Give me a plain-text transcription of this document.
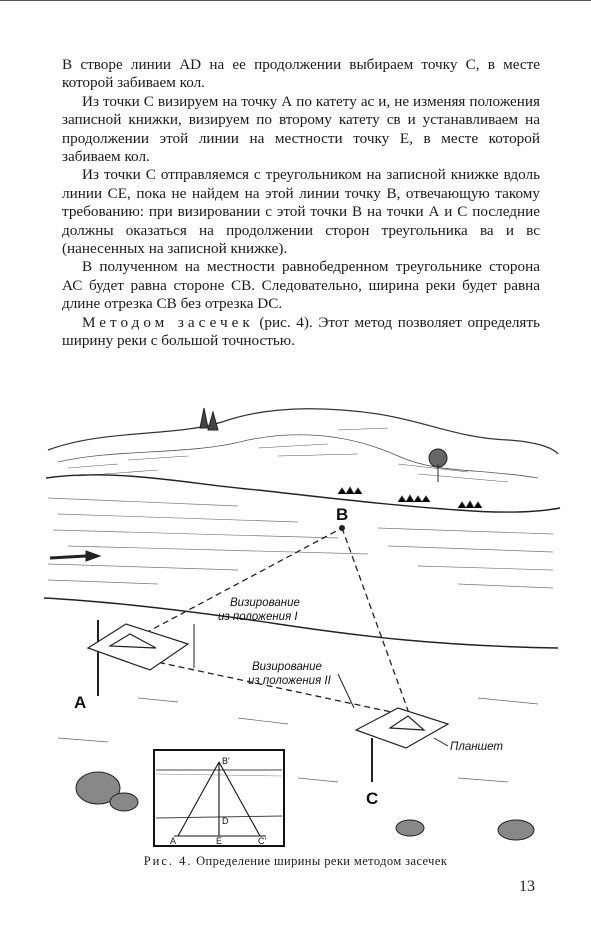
В створе линии AD на ее продолжении выбираем точку С, в месте которой забиваем кол.

Из точки С визируем на точку А по катету ас и, не изменяя положения записной книжки, визируем по второму катету св и устанавливаем на продолжении этой линии на местности точку Е, в месте которой забиваем кол.

Из точки С отправляемся с треугольником на записной книжке вдоль линии СЕ, пока не найдем на этой линии точку В, отвечающую такому требованию: при визировании с этой точки В на точки А и С последние должны оказаться на продолжении сторон треугольника ва и вс (нанесенных на записной книжке).

В полученном на местности равнобедренном треугольнике сторона АС будет равна стороне СВ. Следовательно, ширина реки будет равна длине отрезка СВ без отрезка DC.

Методом засечек (рис. 4). Этот метод позволяет определять ширину реки с большой точностью.

B
A
Визирование
из положения I
Визирование
из положения II
Планшет
C
B'
D
A	E	C'
Рис. 4. Определение ширины реки методом засечек
13
